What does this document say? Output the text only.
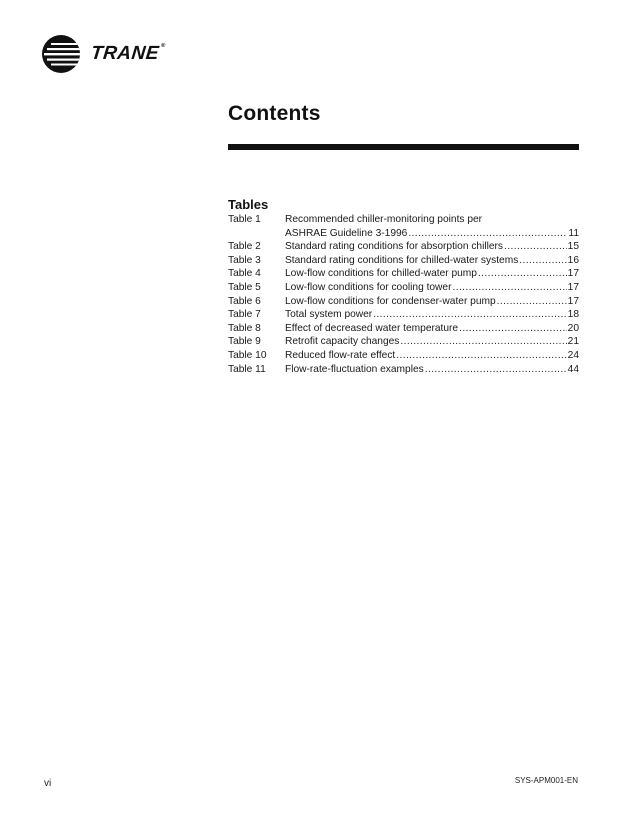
TRANE®
Contents
Tables
Table 1	Recommended chiller-monitoring points per
ASHRAE Guideline 3-1996 .....	11
Table 2	Standard rating conditions for absorption chillers .....	15
Table 3	Standard rating conditions for chilled-water systems .....	16
Table 4	Low-flow conditions for chilled-water pump .....	17
Table 5	Low-flow conditions for cooling tower .....	17
Table 6	Low-flow conditions for condenser-water pump .....	17
Table 7	Total system power .....	18
Table 8	Effect of decreased water temperature .....	20
Table 9	Retrofit capacity changes .....	21
Table 10	Reduced flow-rate effect .....	24
Table 11	Flow-rate-fluctuation examples .....	44
vi	SYS-APM001-EN
